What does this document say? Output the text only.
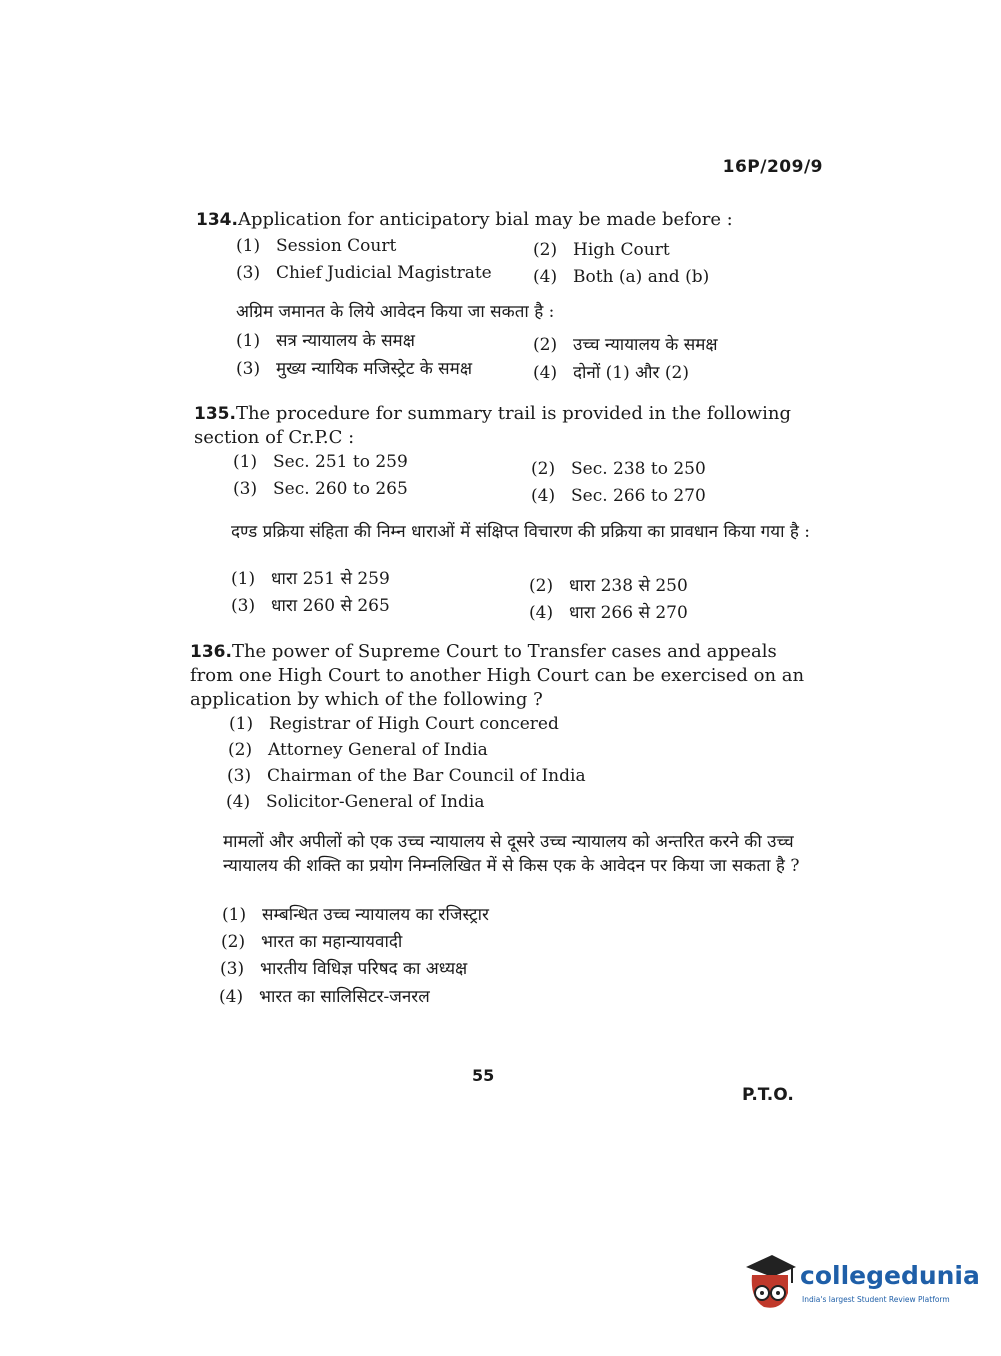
16P/209/9
134.Application for anticipatory bial may be made before :
(1) Session Court	(2) High Court
(3) Chief Judicial Magistrate (4) Both (a) and (b)
अग्रिम जमानत के लिये आवेदन किया जा सकता है :
(1) सत्र न्यायालय के समक्ष	(2) उच्च न्यायालय के समक्ष
(3) मुख्य न्यायिक मजिस्ट्रेट के समक्ष	(4) दोनों (1) और (2)
135.The procedure for summary trail is provided in the following section of Cr.P.C :
(1) Sec. 251 to 259	(2) Sec. 238 to 250
(3) Sec. 260 to 265	(4) Sec. 266 to 270
दण्ड प्रक्रिया संहिता की निम्न धाराओं में संक्षिप्त विचारण की प्रक्रिया का प्रावधान किया गया है :
(1) धारा 251 से 259	(2) धारा 238 से 250
(3) धारा 260 से 265	(4) धारा 266 से 270
136.The power of Supreme Court to Transfer cases and appeals from one High Court to another High Court can be exercised on an application by which of the following ?
(1) Registrar of High Court concered
(2) Attorney General of India
(3) Chairman of the Bar Council of India
(4) Solicitor-General of India
मामलों और अपीलों को एक उच्च न्यायालय से दूसरे उच्च न्यायालय को अन्तरित करने की उच्च न्यायालय की शक्ति का प्रयोग निम्नलिखित में से किस एक के आवेदन पर किया जा सकता है ?
(1) सम्बन्धित उच्च न्यायालय का रजिस्ट्रार
(2) भारत का महान्यायवादी
(3) भारतीय विधिज्ञ परिषद का अध्यक्ष
(4) भारत का सालिसिटर-जनरल
55
P.T.O.
collegedunia
India's largest Student Review Platform
